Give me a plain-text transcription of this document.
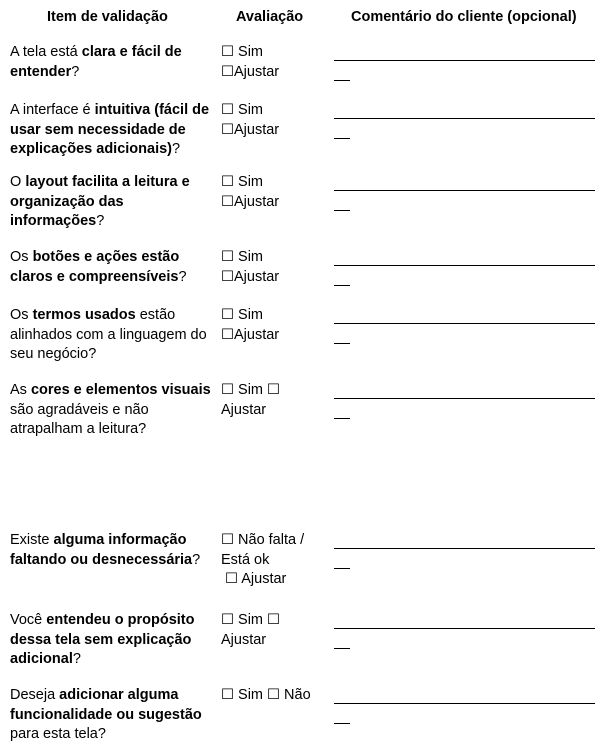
Item de validação	Avaliação	Comentário do cliente (opcional)
A tela está clara e fácil de entender?
☐ Sim
☐Ajustar
A interface é intuitiva (fácil de usar sem necessidade de explicações adicionais)?
☐ Sim
☐Ajustar
O layout facilita a leitura e organização das informações?
☐ Sim
☐Ajustar
Os botões e ações estão claros e compreensíveis?
☐ Sim
☐Ajustar
Os termos usados estão alinhados com a linguagem do seu negócio?
☐ Sim
☐Ajustar
As cores e elementos visuais são agradáveis e não atrapalham a leitura?
☐ Sim ☐
Ajustar
Existe alguma informação faltando ou desnecessária?
☐ Não falta /
Está ok
☐ Ajustar
Você entendeu o propósito dessa tela sem explicação adicional?
☐ Sim ☐
Ajustar
Deseja adicionar alguma funcionalidade ou sugestão para esta tela?
☐ Sim ☐ Não
